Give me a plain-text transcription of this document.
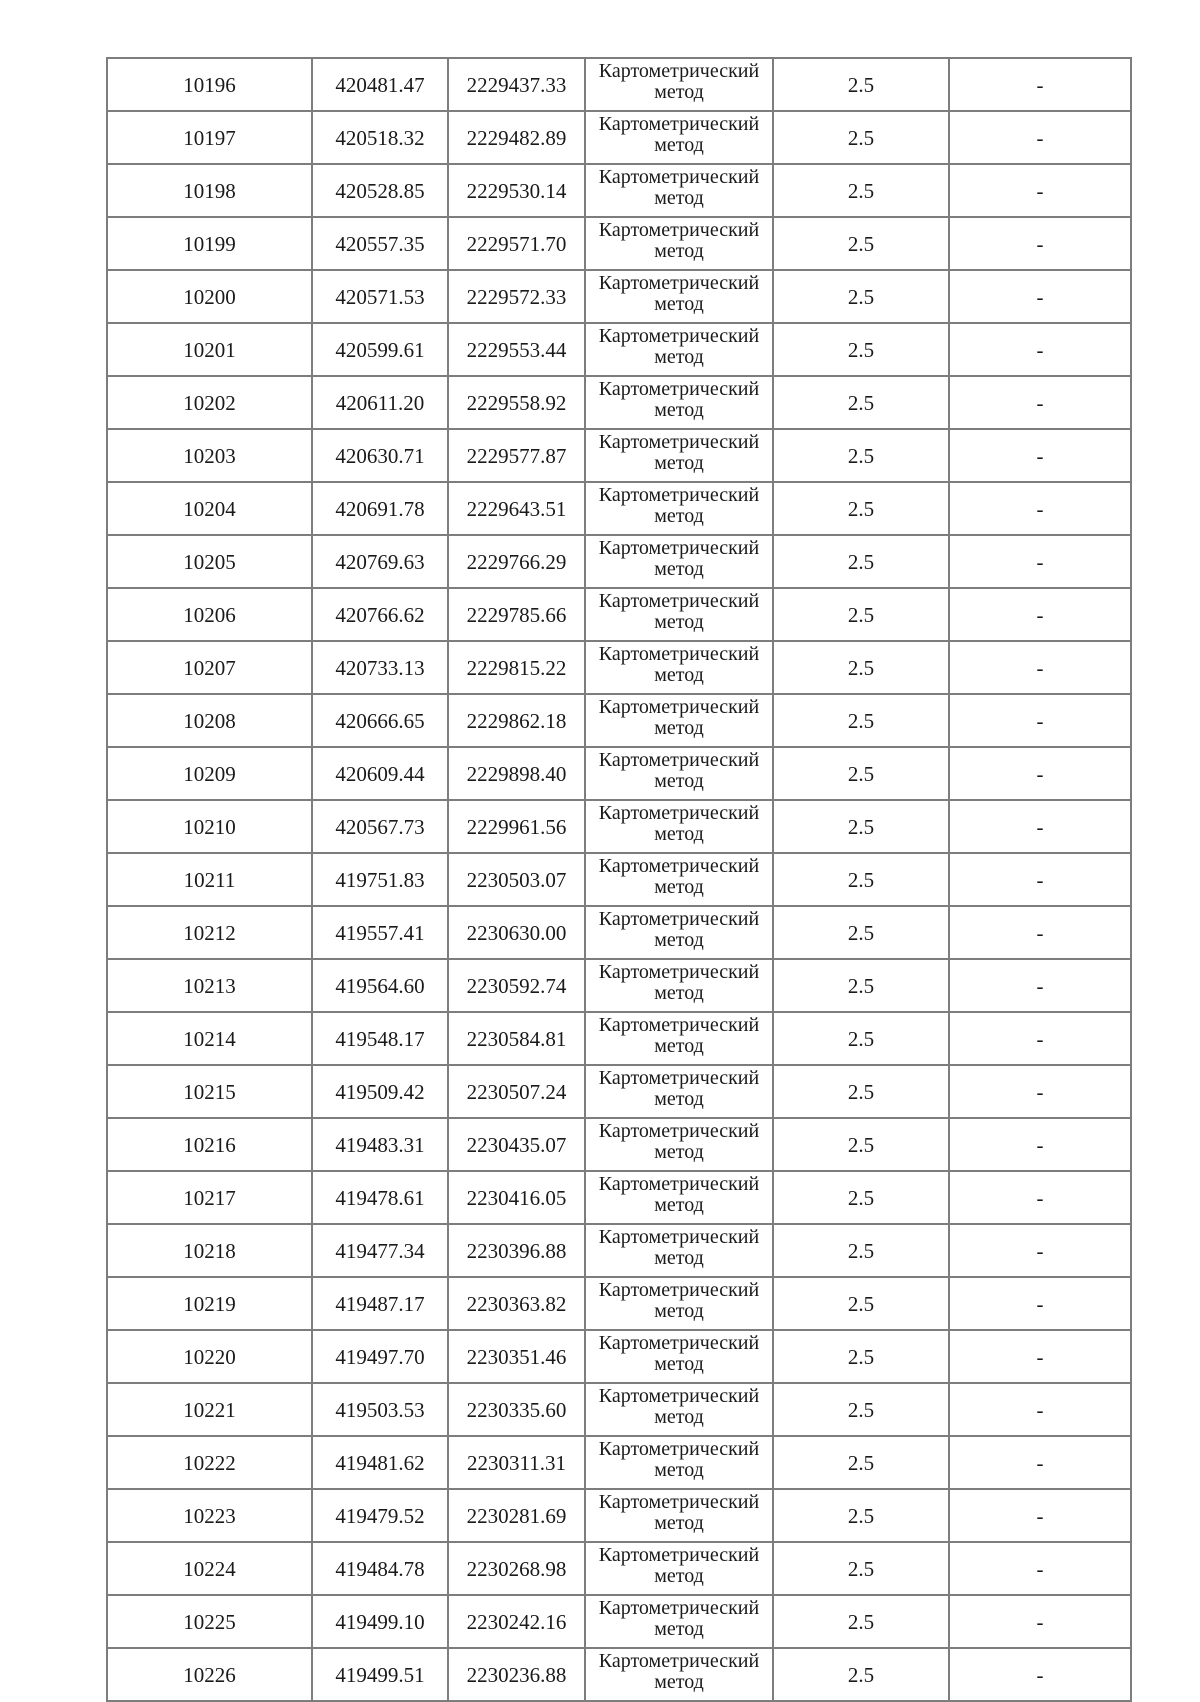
10196	420481.47	2229437.33	Картометрический метод	2.5	-
10197	420518.32	2229482.89	Картометрический метод	2.5	-
10198	420528.85	2229530.14	Картометрический метод	2.5	-
10199	420557.35	2229571.70	Картометрический метод	2.5	-
10200	420571.53	2229572.33	Картометрический метод	2.5	-
10201	420599.61	2229553.44	Картометрический метод	2.5	-
10202	420611.20	2229558.92	Картометрический метод	2.5	-
10203	420630.71	2229577.87	Картометрический метод	2.5	-
10204	420691.78	2229643.51	Картометрический метод	2.5	-
10205	420769.63	2229766.29	Картометрический метод	2.5	-
10206	420766.62	2229785.66	Картометрический метод	2.5	-
10207	420733.13	2229815.22	Картометрический метод	2.5	-
10208	420666.65	2229862.18	Картометрический метод	2.5	-
10209	420609.44	2229898.40	Картометрический метод	2.5	-
10210	420567.73	2229961.56	Картометрический метод	2.5	-
10211	419751.83	2230503.07	Картометрический метод	2.5	-
10212	419557.41	2230630.00	Картометрический метод	2.5	-
10213	419564.60	2230592.74	Картометрический метод	2.5	-
10214	419548.17	2230584.81	Картометрический метод	2.5	-
10215	419509.42	2230507.24	Картометрический метод	2.5	-
10216	419483.31	2230435.07	Картометрический метод	2.5	-
10217	419478.61	2230416.05	Картометрический метод	2.5	-
10218	419477.34	2230396.88	Картометрический метод	2.5	-
10219	419487.17	2230363.82	Картометрический метод	2.5	-
10220	419497.70	2230351.46	Картометрический метод	2.5	-
10221	419503.53	2230335.60	Картометрический метод	2.5	-
10222	419481.62	2230311.31	Картометрический метод	2.5	-
10223	419479.52	2230281.69	Картометрический метод	2.5	-
10224	419484.78	2230268.98	Картометрический метод	2.5	-
10225	419499.10	2230242.16	Картометрический метод	2.5	-
10226	419499.51	2230236.88	Картометрический метод	2.5	-
